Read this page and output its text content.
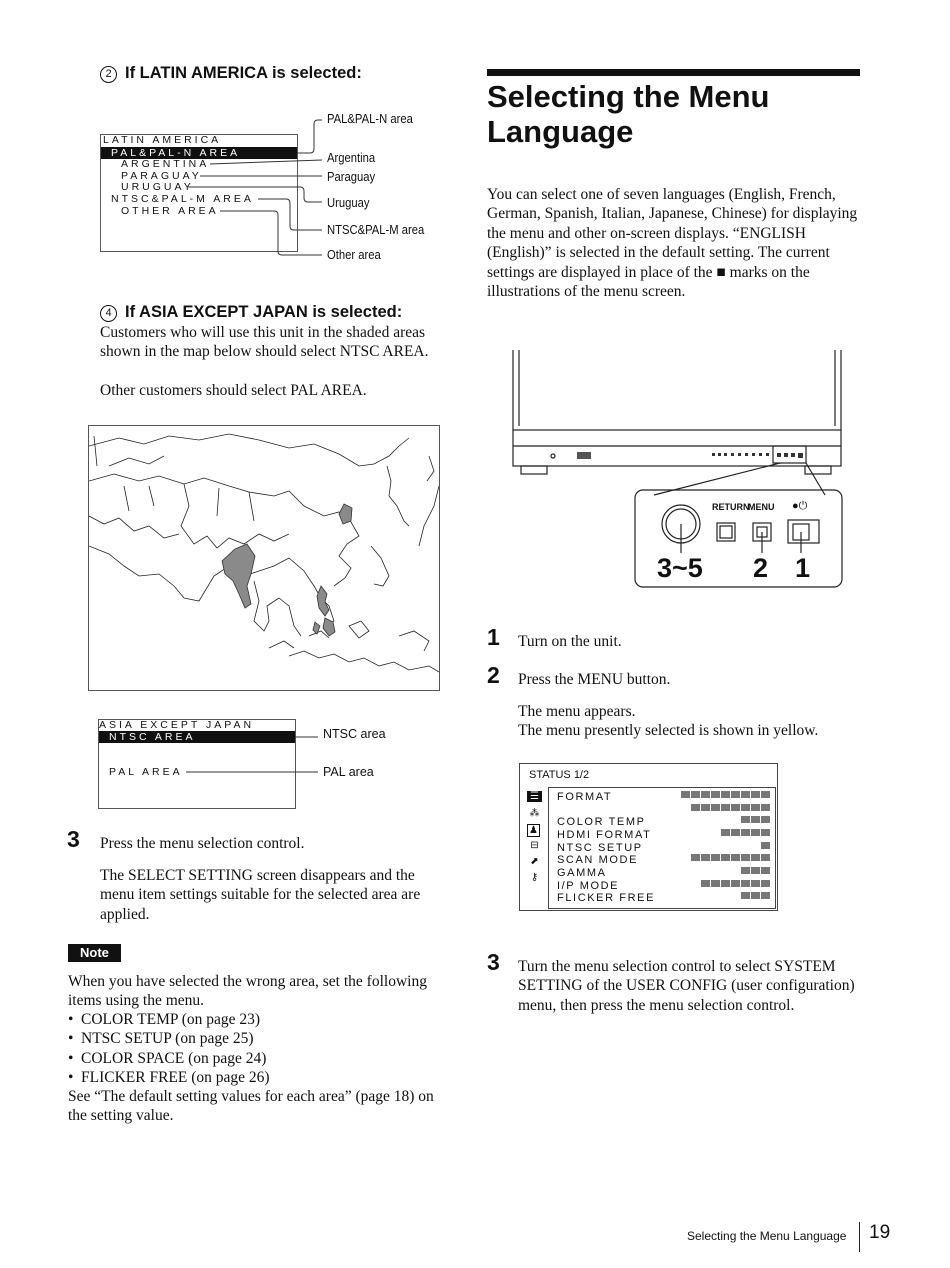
2 If LATIN AMERICA is selected:
LATIN AMERICA
PAL&PAL-N AREA
ARGENTINA
PARAGUAY
URUGUAY
NTSC&PAL-M AREA
OTHER AREA
PAL&PAL-N area
Argentina
Paraguay
Uruguay
NTSC&PAL-M area
Other area
4 If ASIA EXCEPT JAPAN is selected:
Customers who will use this unit in the shaded areas shown in the map below should select NTSC AREA.
Other customers should select PAL AREA.
ASIA EXCEPT JAPAN
NTSC AREA
PAL AREA
NTSC area
PAL area
3 Press the menu selection control.
The SELECT SETTING screen disappears and the menu item settings suitable for the selected area are applied.
Note
When you have selected the wrong area, set the following items using the menu.
• COLOR TEMP (on page 23)
• NTSC SETUP (on page 25)
• COLOR SPACE (on page 24)
• FLICKER FREE (on page 26)
See “The default setting values for each area” (page 18) on the setting value.
Selecting the Menu Language
You can select one of seven languages (English, French, German, Spanish, Italian, Japanese, Chinese) for displaying the menu and other on-screen displays. “ENGLISH (English)” is selected in the default setting. The current settings are displayed in place of the ■ marks on the illustrations of the menu screen.
RETURN
MENU ●⏻
3~5 2 1
1 Turn on the unit.
2 Press the MENU button.
The menu appears.
The menu presently selected is shown in yellow.
STATUS 1/2
☰
⁂
♟
⊟
⬈
⚷
FORMAT
COLOR TEMP
HDMI FORMAT
NTSC SETUP
SCAN MODE
GAMMA
I/P MODE
FLICKER FREE
3 Turn the menu selection control to select SYSTEM SETTING of the USER CONFIG (user configuration) menu, then press the menu selection control.
Selecting the Menu Language 19
